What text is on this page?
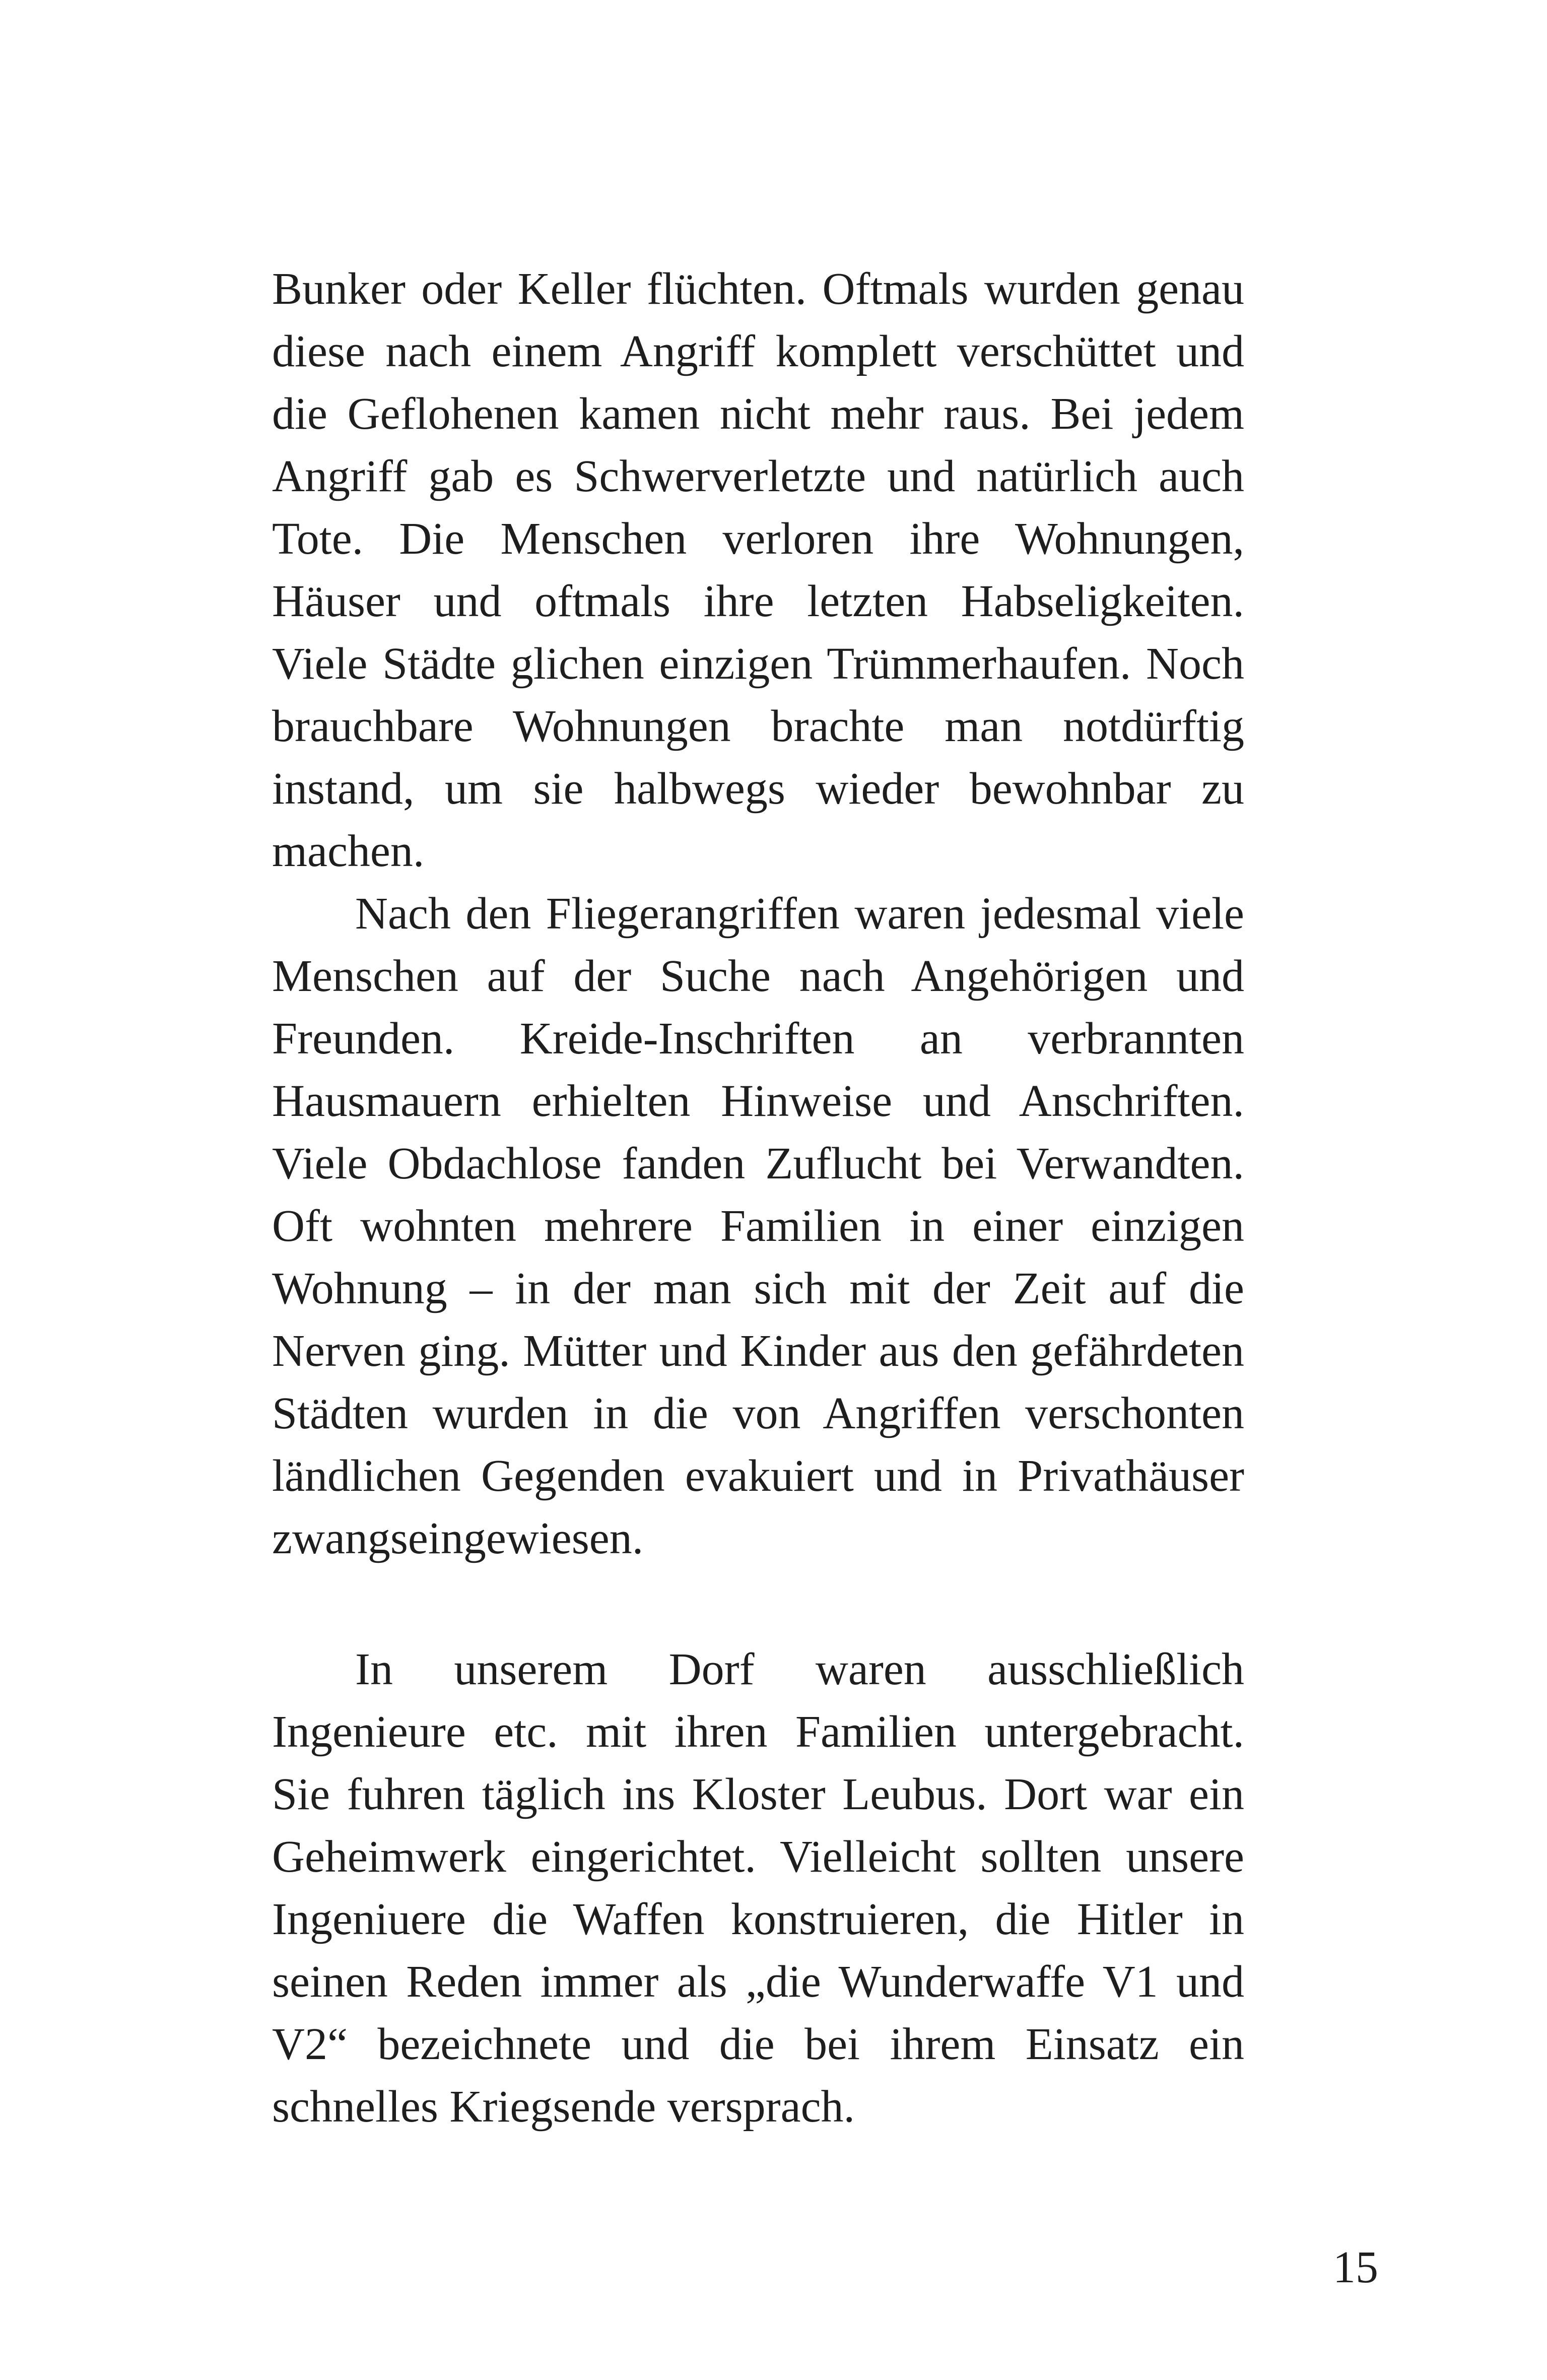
Bunker oder Keller flüchten. Oftmals wurden genau
diese nach einem Angriff komplett verschüttet und
die Geflohenen kamen nicht mehr raus. Bei jedem
Angriff gab es Schwerverletzte und natürlich auch
Tote. Die Menschen verloren ihre Wohnungen,
Häuser und oftmals ihre letzten Habseligkeiten.
Viele Städte glichen einzigen Trümmerhaufen. Noch
brauchbare Wohnungen brachte man notdürftig
instand, um sie halbwegs wieder bewohnbar zu
machen.
Nach den Fliegerangriffen waren jedesmal viele
Menschen auf der Suche nach Angehörigen und
Freunden. Kreide-Inschriften an verbrannten
Hausmauern erhielten Hinweise und Anschriften.
Viele Obdachlose fanden Zuflucht bei Verwandten.
Oft wohnten mehrere Familien in einer einzigen
Wohnung – in der man sich mit der Zeit auf die
Nerven ging. Mütter und Kinder aus den gefährdeten
Städten wurden in die von Angriffen verschonten
ländlichen Gegenden evakuiert und in Privathäuser
zwangseingewiesen.
In unserem Dorf waren ausschließlich
Ingenieure etc. mit ihren Familien untergebracht.
Sie fuhren täglich ins Kloster Leubus. Dort war ein
Geheimwerk eingerichtet. Vielleicht sollten unsere
Ingeniuere die Waffen konstruieren, die Hitler in
seinen Reden immer als „die Wunderwaffe V1 und
V2“ bezeichnete und die bei ihrem Einsatz ein
schnelles Kriegsende versprach.
15
